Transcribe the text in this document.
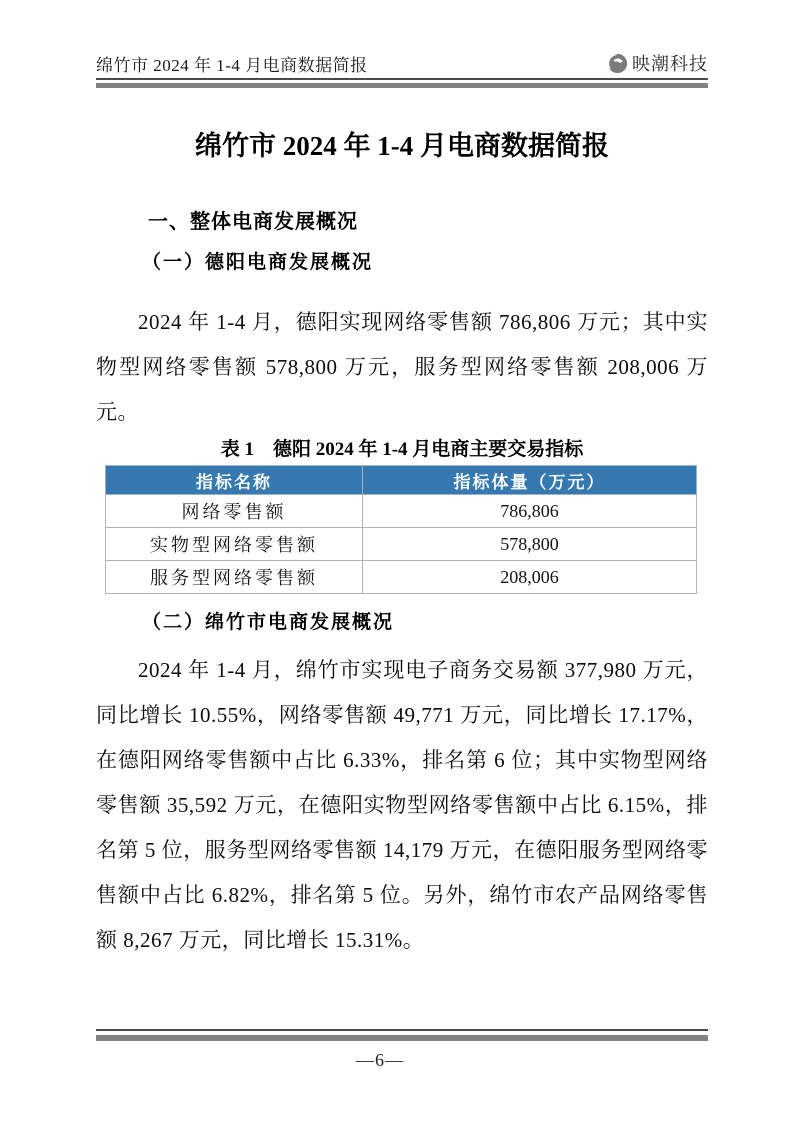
绵竹市 2024 年 1-4 月电商数据简报	映潮科技
绵竹市 2024 年 1-4 月电商数据简报
一、整体电商发展概况
（一）德阳电商发展概况

2024 年 1-4 月，德阳实现网络零售额 786,806 万元；其中实物型网络零售额 578,800 万元，服务型网络零售额 208,006 万元。

表 1　德阳 2024 年 1-4 月电商主要交易指标
指标名称	指标体量（万元）
网络零售额	786,806
实物型网络零售额	578,800
服务型网络零售额	208,006
（二）绵竹市电商发展概况

2024 年 1-4 月，绵竹市实现电子商务交易额 377,980 万元，同比增长 10.55%，网络零售额 49,771 万元，同比增长 17.17%，在德阳网络零售额中占比 6.33%，排名第 6 位；其中实物型网络零售额 35,592 万元，在德阳实物型网络零售额中占比 6.15%，排名第 5 位，服务型网络零售额 14,179 万元，在德阳服务型网络零售额中占比 6.82%，排名第 5 位。另外，绵竹市农产品网络零售额 8,267 万元，同比增长 15.31%。

—6—
